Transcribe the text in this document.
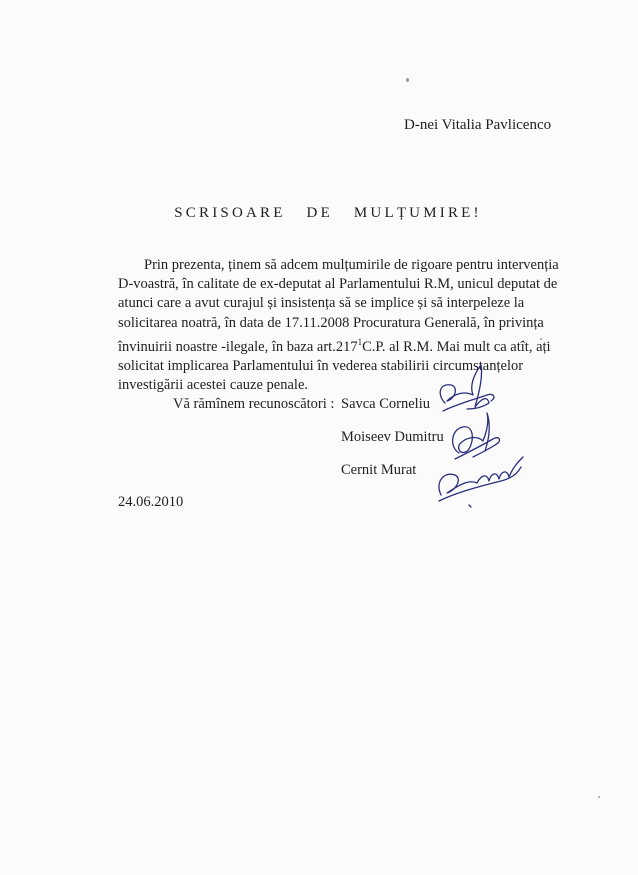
D-nei Vitalia Pavlicenco
SCRISOARE DE MULȚUMIRE!

Prin prezenta, ținem să adcem mulțumirile de rigoare pentru intervenția
D-voastră, în calitate de ex-deputat al Parlamentului R.M, unicul deputat de
atunci care a avut curajul și insistența să se implice și să interpeleze la
solicitarea noatră, în data de 17.11.2008 Procuratura Generală, în privința
învinuirii noastre -ilegale, în baza art.217$^1$C.P. al R.M. Mai mult ca atît, ați
solicitat implicarea Parlamentului în vederea stabilirii circumstanțelor
investigării acestei cauze penale.

Vă rămînem recunoscători : Savca Corneliu
Moiseev Dumitru
Cernit Murat
24.06.2010
